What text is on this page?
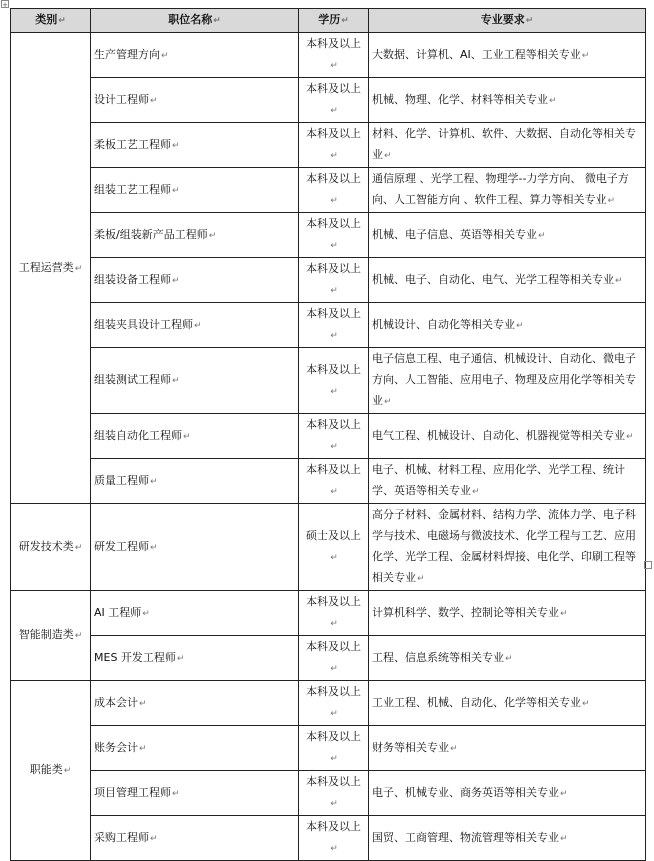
+
类别↵	职位名称↵	学历↵	专业要求↵
工程运营类↵	生产管理方向↵	本科及以上↵	大数据、计算机、AI、工业工程等相关专业↵
	设计工程师↵	本科及以上↵	机械、物理、化学、材料等相关专业↵
	柔板工艺工程师↵	本科及以上↵	材料、化学、计算机、软件、大数据、自动化等相关专业↵
	组装工艺工程师↵	本科及以上↵	通信原理 、光学工程、物理学--力学方向、 微电子方向、人工智能方向 、软件工程、算力等相关专业↵
	柔板/组装新产品工程师↵	本科及以上↵	机械、电子信息、英语等相关专业↵
	组装设备工程师↵	本科及以上↵	机械、电子、自动化、电气、光学工程等相关专业↵
	组装夹具设计工程师↵	本科及以上↵	机械设计、自动化等相关专业↵
	组装测试工程师↵	本科及以上↵	电子信息工程、电子通信、机械设计、自动化、微电子方向、人工智能、应用电子、物理及应用化学等相关专业↵
	组装自动化工程师↵	本科及以上↵	电气工程、机械设计、自动化、机器视觉等相关专业↵
	质量工程师↵	本科及以上↵	电子、机械、材料工程、应用化学、光学工程、统计学、英语等相关专业↵
研发技术类↵	研发工程师↵	硕士及以上↵	高分子材料、金属材料、结构力学、流体力学、电子科学与技术、电磁场与微波技术、化学工程与工艺、应用化学、光学工程、金属材料焊接、电化学、印刷工程等相关专业↵
智能制造类↵	AI 工程师↵	本科及以上↵	计算机科学、数学、控制论等相关专业↵
	MES 开发工程师↵	本科及以上↵	工程、信息系统等相关专业↵
职能类↵	成本会计↵	本科及以上↵	工业工程、机械、自动化、化学等相关专业↵
	账务会计↵	本科及以上↵	财务等相关专业↵
	项目管理工程师↵	本科及以上↵	电子、机械专业、商务英语等相关专业↵
	采购工程师↵	本科及以上↵	国贸、工商管理、物流管理等相关专业↵
